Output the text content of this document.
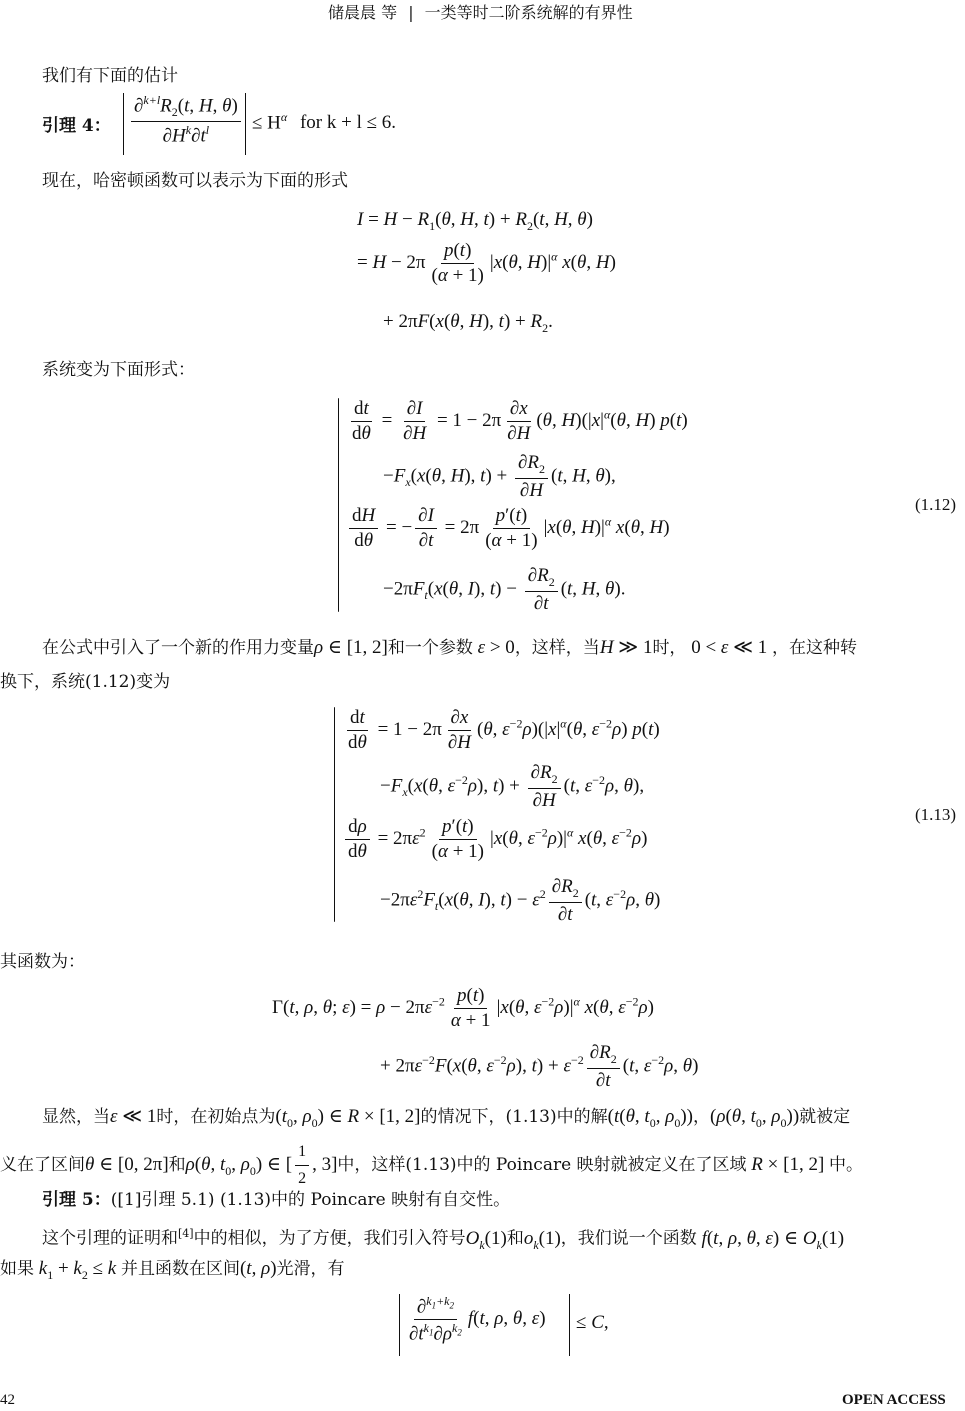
储晨晨 等 | 一类等时二阶系统解的有界性
我们有下面的估计
引理 4： $\frac{\partial^{k+l}R_2(t, H, \theta)}{\partial H^k\partial t^l} \le H^\alpha$ for k + l ≤ 6.
现在，哈密顿函数可以表示为下面的形式
$I = H - R_1(\theta$, H, $t) + R_2(t$, H, θ)
= $H - 2\pi \frac{p(t)}{(\alpha + 1)} |x(\theta$, $H)|^\alpha$ x(θ, H)
+ 2πF(x(θ, H), $t) + R_2$.
系统变为下面形式：
$\frac{dt}{d\theta} = \frac{\partial I}{\partial H} = 1 - 2\pi \frac{\partial x}{\partial H} (\theta$, $H)(|x|^\alpha(\theta$, H) p(t)
$-F_x(x(\theta$, H), $t) + \frac{\partial R_2}{\partial H} (t$, H, θ),
$\frac{dH}{d\theta}$ = − $\frac{\partial I}{\partial t} = 2\pi \frac{p'(t)}{(\alpha + 1)} |x(\theta$, $H)|^\alpha$ x(θ, H)
$-2\pi F_t(x(\theta$, I), $t) - \frac{\partial R_2}{\partial t} (t$, H, θ).
(1.12)
在公式中引入了一个新的作用力变量ρ ∈ [1, 2]和一个参数 ε > 0，这样，当H ≫ 1时， 0 < ε ≪ 1 ，在这种转
换下，系统(1.12)变为
$\frac{dt}{d\theta} = 1 - 2\pi \frac{\partial x}{\partial H} (\theta$, $\varepsilon^{-2}\rho)(|x|^\alpha(\theta$, $\varepsilon^{-2}\rho$) p(t)
$-F_x(x(\theta$, $\varepsilon^{-2}\rho$), $t) + \frac{\partial R_2}{\partial H} (t$, $\varepsilon^{-2}\rho$, θ),
$\frac{d\rho}{d\theta} = 2\pi\varepsilon^2 \frac{p'(t)}{(\alpha + 1)} |x(\theta$, $\varepsilon^{-2}\rho)|^\alpha$ x(θ, $\varepsilon^{-2}\rho$)
$-2\pi\varepsilon^2F_t(x(\theta$, I), $t) - \varepsilon^2 \frac{\partial R_2}{\partial t} (t$, $\varepsilon^{-2}\rho$, θ)
(1.13)
其函数为：
Γ(t, ρ, θ; $\varepsilon) = \rho - 2\pi\varepsilon^{-2} \frac{p(t)}{\alpha + 1} |x(\theta$, $\varepsilon^{-2}\rho)|^\alpha$ x(θ, $\varepsilon^{-2}\rho$)
+ $2\pi\varepsilon^{-2}F(x(\theta$, $\varepsilon^{-2}\rho$), $t) + \varepsilon^{-2} \frac{\partial R_2}{\partial t} (t$, $\varepsilon^{-2}\rho$, θ)
显然，当ε ≪ 1时，在初始点为($t_0$, $\rho_0$) ∈ R × [1, 2]的情况下，(1.13)中的解(t(θ, $t_0$, $\rho_0$))，(ρ(θ, $t_0$, $\rho_0$))就被定
义在了区间θ ∈ [0, 2π]和ρ(θ, $t_0$, $\rho_0$) ∈ [ $\frac{1}{2}$ , 3]中，这样(1.13)中的 Poincare 映射就被定义在了区域 R × [1, 2] 中。
引理 5：([1]引理 5.1) (1.13)中的 Poincare 映射有自交性。
这个引理的证明和[4]中的相似，为了方便，我们引入符号$O_k(1)$和$o_k(1)$，我们说一个函数 f(t, ρ, θ, ε) ∈ $O_k(1)$
如果 $k_1 + k_2 \le k$ 并且函数在区间(t, ρ)光滑，有
$\frac{\partial^{k_1+k_2}}{\partial t^{k_1}\partial\rho^{k_2}} f(t$, ρ, θ, ε) ≤ C,
42	OPEN ACCESS
